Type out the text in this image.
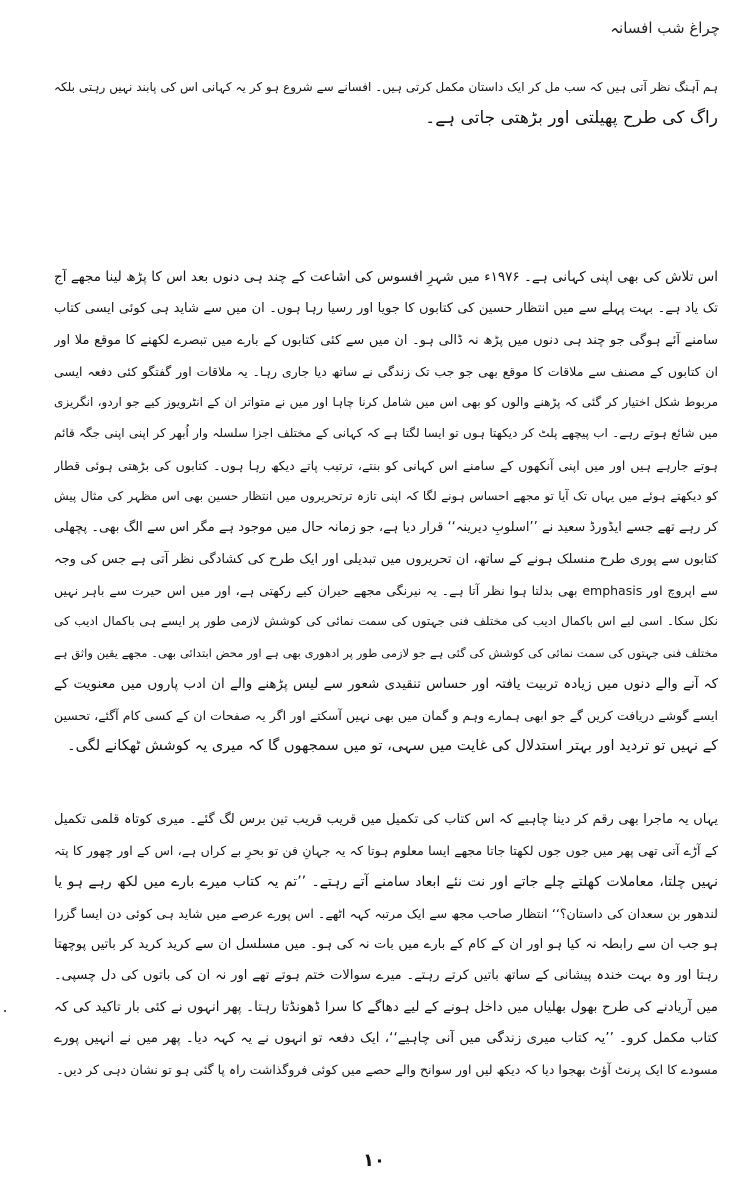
چراغ شب افسانہ
ہم آہنگ نظر آتی ہیں کہ سب مل کر ایک داستان مکمل کرتی ہیں۔ افسانے سے شروع ہو کر یہ کہانی اس کی پابند نہیں رہتی بلکہ
راگ کی طرح پھیلتی اور بڑھتی جاتی ہے۔
اس تلاش کی بھی اپنی کہانی ہے۔ ۱۹۷۶ء میں شہرِ افسوس کی اشاعت کے چند ہی دنوں بعد اس کا پڑھ لینا مجھے آج
تک یاد ہے۔ بہت پہلے سے میں انتظار حسین کی کتابوں کا جویا اور رسیا رہا ہوں۔ ان میں سے شاید ہی کوئی ایسی کتاب
سامنے آئے ہوگی جو چند ہی دنوں میں پڑھ نہ ڈالی ہو۔ ان میں سے کئی کتابوں کے بارے میں تبصرے لکھنے کا موقع ملا اور
ان کتابوں کے مصنف سے ملاقات کا موقع بھی جو جب تک زندگی نے ساتھ دیا جاری رہا۔ یہ ملاقات اور گفتگو کئی دفعہ ایسی
مربوط شکل اختیار کر گئی کہ پڑھنے والوں کو بھی اس میں شامل کرنا چاہا اور میں نے متواتر ان کے انٹرویوز کیے جو اردو، انگریزی
میں شائع ہوتے رہے۔ اب پیچھے پلٹ کر دیکھتا ہوں تو ایسا لگتا ہے کہ کہانی کے مختلف اجزا سلسلہ وار اُبھر کر اپنی اپنی جگہ قائم
ہوتے جارہے ہیں اور میں اپنی آنکھوں کے سامنے اس کہانی کو بنتے، ترتیب پاتے دیکھ رہا ہوں۔ کتابوں کی بڑھتی ہوئی قطار
کو دیکھتے ہوئے میں یہاں تک آیا تو مجھے احساس ہونے لگا کہ اپنی تازہ ترتحریروں میں انتظار حسین بھی اس مظہر کی مثال پیش
کر رہے تھے جسے ایڈورڈ سعید نے ’’اسلوبِ دیرینہ‘‘ قرار دیا ہے، جو زمانہ حال میں موجود ہے مگر اس سے الگ بھی۔ پچھلی
کتابوں سے پوری طرح منسلک ہونے کے ساتھ، ان تحریروں میں تبدیلی اور ایک طرح کی کشادگی نظر آتی ہے جس کی وجہ
سے اپروچ اور emphasis بھی بدلتا ہوا نظر آتا ہے۔ یہ نیرنگی مجھے حیران کیے رکھتی ہے، اور میں اس حیرت سے باہر نہیں
نکل سکا۔ اسی لیے اس باکمال ادیب کی مختلف فنی جہتوں کی سمت نمائی کی کوشش لازمی طور پر ایسے ہی باکمال ادیب کی
مختلف فنی جہتوں کی سمت نمائی کی کوشش کی گئی ہے جو لازمی طور پر ادھوری بھی ہے اور محض ابتدائی بھی۔ مجھے یقین واثق ہے
کہ آنے والے دنوں میں زیادہ تربیت یافتہ اور حساس تنقیدی شعور سے لیس پڑھنے والے ان ادب پاروں میں معنویت کے
ایسے گوشے دریافت کریں گے جو ابھی ہمارے وہم و گمان میں بھی نہیں آسکتے اور اگر یہ صفحات ان کے کسی کام آگئے، تحسین
کے نہیں تو تردید اور بہتر استدلال کی غایت میں سہی، تو میں سمجھوں گا کہ میری یہ کوشش ٹھکانے لگی۔
یہاں یہ ماجرا بھی رقم کر دینا چاہیے کہ اس کتاب کی تکمیل میں قریب قریب تین برس لگ گئے۔ میری کوتاہ قلمی تکمیل
کے آڑے آتی تھی پھر میں جوں جوں لکھتا جاتا مجھے ایسا معلوم ہوتا کہ یہ جہانِ فن تو بحرِ بے کراں ہے، اس کے اور چھور کا پتہ
نہیں چلتا، معاملات کھلتے چلے جاتے اور نت نئے ابعاد سامنے آتے رہتے۔ ’’تم یہ کتاب میرے بارے میں لکھ رہے ہو یا
لندھور بن سعدان کی داستان؟‘‘ انتظار صاحب مجھ سے ایک مرتبہ کہہ اٹھے۔ اس پورے عرصے میں شاید ہی کوئی دن ایسا گزرا
ہو جب ان سے رابطہ نہ کیا ہو اور ان کے کام کے بارے میں بات نہ کی ہو۔ میں مسلسل ان سے کرید کرید کر باتیں پوچھتا
رہتا اور وہ بہت خندہ پیشانی کے ساتھ باتیں کرتے رہتے۔ میرے سوالات ختم ہوتے تھے اور نہ ان کی باتوں کی دل چسپی۔
میں آریادنے کی طرح بھول بھلیاں میں داخل ہونے کے لیے دھاگے کا سرا ڈھونڈتا رہتا۔ پھر انہوں نے کئی بار تاکید کی کہ
کتاب مکمل کرو۔ ’’یہ کتاب میری زندگی میں آنی چاہیے‘‘، ایک دفعہ تو انہوں نے یہ کہہ دیا۔ پھر میں نے انہیں پورے
مسودے کا ایک پرنٹ آؤٹ بھجوا دیا کہ دیکھ لیں اور سوانح والے حصے میں کوئی فروگذاشت راہ پا گئی ہو تو نشان دہی کر دیں۔
۱۰
